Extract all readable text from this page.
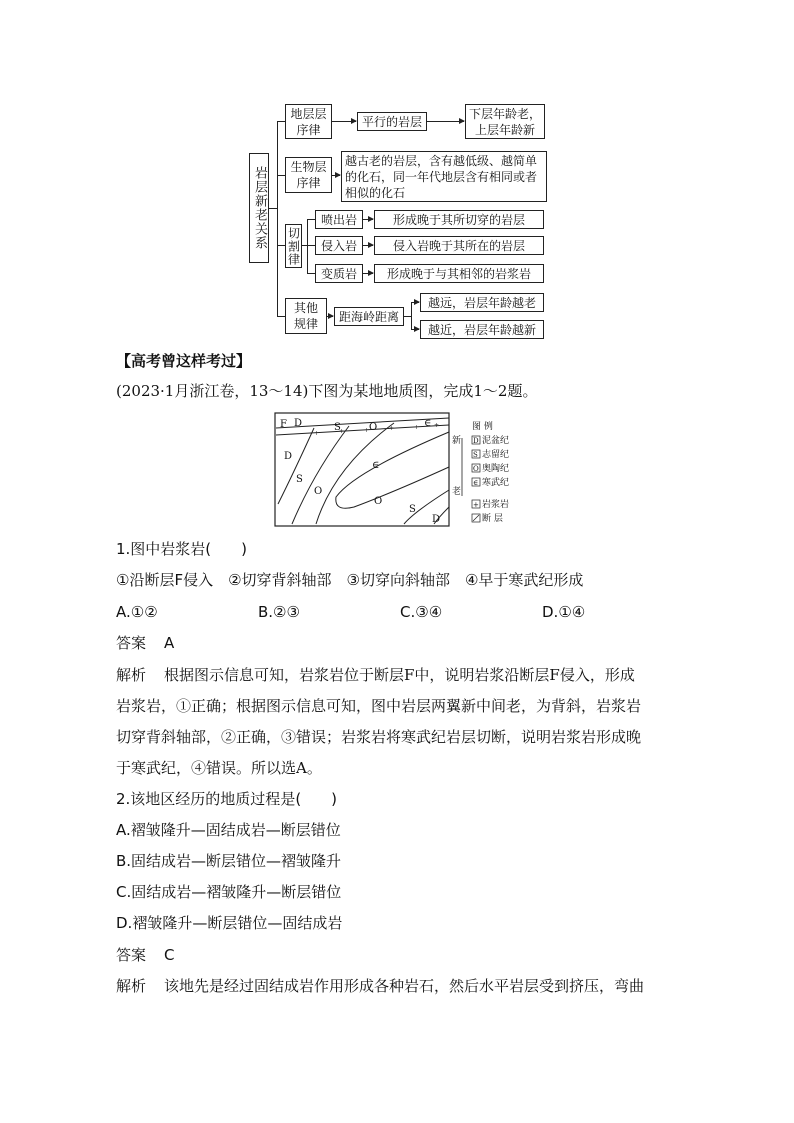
岩层新老关系
地层层序律
平行的岩层
下层年龄老，上层年龄新
生物层序律
越古老的岩层，含有越低级、越简单的化石，同一年代地层含有相同或者相似的化石
切割律
喷出岩	形成晚于其所切穿的岩层
侵入岩	侵入岩晚于其所在的岩层
变质岩	形成晚于与其相邻的岩浆岩
其他规律
距海岭距离
越远，岩层年龄越老
越近，岩层年龄越新
【高考曾这样考过】
(2023·1月浙江卷，13～14)下图为某地地质图，完成1～2题。
+	+	+	+	+ +
F D	S	O	∈
D
S
O
∈
O
S
D
图 例
新
老
D 泥盆纪
S 志留纪
O 奥陶纪
∈ 寒武纪
+ 岩浆岩
断 层
1.图中岩浆岩(　　)
①沿断层F侵入　②切穿背斜轴部　③切穿向斜轴部　④早于寒武纪形成
A.①②	B.②③	C.③④	D.①④
答案 A
解析 根据图示信息可知，岩浆岩位于断层F中，说明岩浆沿断层F侵入，形成
岩浆岩，①正确；根据图示信息可知，图中岩层两翼新中间老，为背斜，岩浆岩
切穿背斜轴部，②正确，③错误；岩浆岩将寒武纪岩层切断，说明岩浆岩形成晚
于寒武纪，④错误。所以选A。
2.该地区经历的地质过程是(　　)
A.褶皱隆升—固结成岩—断层错位
B.固结成岩—断层错位—褶皱隆升
C.固结成岩—褶皱隆升—断层错位
D.褶皱隆升—断层错位—固结成岩
答案 C
解析 该地先是经过固结成岩作用形成各种岩石，然后水平岩层受到挤压，弯曲
